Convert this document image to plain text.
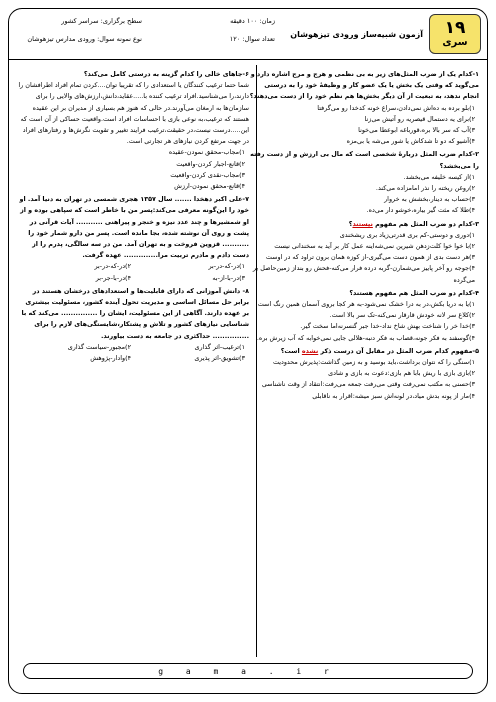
۱۹
سری
آزمون شبیه‌ساز ورودی تیزهوشان
زمان: ۱۰۰ دقیقه
سطح برگزاری: سراسر کشور
تعداد سوال: ۱۲۰
نوع نمونه سوال: ورودی مدارس تیزهوشان
۱-کدام یک از ضرب المثل‌های زیر به بی نظمی و هرج و مرج اشاره دارد و می‌گوید که وقتی یک بخش یا یک عضو کار و وظیفهٔ خود را به درستی انجام ندهد، به تبعیت از آن دیگر بخش‌ها هم نظم خود را از دست می‌دهند؟
۱)بلو برده به ده‌اش نمی‌دادن،سراغ خونه کدخدا رو می‌گرفتا
۲)برای یه دستمال قیصریه رو آتیش می‌زنا
۳)آب که سر بالا بره،قورباغه ابوعطا می‌خونا
۴)آشیو که دو تا شدکاش یا شور می‌شه یا بی‌مزه
۲-کدام ضرب المثل دربارهٔ شخصی است که مال بی ارزش و از دست رفته را می‌بخشد؟
۱)از کیسه خلیفه می‌بخشد.
۲)روغن ریخته را نذر امامزاده می‌کند.
۳)حساب به دینار،بخشش به خروار
۴)طلا که مثت گیر بیاره،خوشو دار می‌ده.
۳-کدام دو ضرب المثل هم مفهوم نیستند؟
۱)دوری و دوستی-کم بری قدرتی‌زیاد بری ریشخندی
۲)با خوا خوا کلت‌زدهن شیرین نمی‌شه‌اینه عمل کار بر آید به سخندانی نیست
۳)هر دست بدی از همون دست می‌گیری-از کوزه همان برون تراود که در اوست
۴)جوجه رو آخر پاییز می‌شمارن-گربه درده فرار می‌کنه-فحش رو بنداز زمین‌حاصل بر می‌گرده
۴-کدام دو ضرب المثل هم مفهوم هستند؟
۱)یا به دریا بکش،در به درا خشک نمی‌شود-به هر کجا بروی آسمان همین رنگ است
۲)کلاغ سر لانه خودش قارقار نمی‌کنه-تک سر بالا است.
۳)خدا خر را شناخت بهش شاخ نداد-خدا جبر گنسرنه‌اما سخت گیر.
۴)گوسفند به فکر جونه،قصاب به فکر دنبه-هلالی جایی نمی‌خوابه که آب زیرش بره.
۵-مفهوم کدام ضرب المثل در مقابل آن درست ذکر نشده است؟
۱)سنگی را که نتوان برداشت،باید بوسید و به زمین گذاشت:پذیرش محدودیت
۲)بازی بازی با ریش بابا هم بازی:دعوت به بازی و شادی
۳)حسنی به مکتب نمی‌رفت وقتی می‌رفت جمعه می‌رفت:انتقاد از وقت ناشناسی
۴)مار از پونه بدش میاد،در لونه‌اش سبز میشه:اقرار به ناقابلی
۶-جاهای خالی را کدام گزینه به درستی کامل می‌کند؟
شما حتما ترغیب کنندگان یا استعدادی را که تقریبا توان....کردن تمام افراد اطرافشان را دارند،را می‌شناسید.افراد ترغیب کننده با.....عقاید،دانش،ارزش‌های والایی را برای سازمان‌ها به ارمغان می‌آورند.در حالی که هنوز هم بسیاری از مدیران بر این عقیده هستند که ترغیب،به نوعی بازی با احساسات افراد است.واقعیت حساکی از آن است که این.....درست نیست،در حقیقت،ترغیب فرایند تغییر و تقویت نگرش‌ها و رفتارهای افراد در جهت مرتفع کردن نیازهای هر تجارتی است.
۱)مجاب-محقق نمودن-عقیده
۲)قانع-اجبار کردن-واقعیت
۳)مجاب-نقدی کردن-واقعیت
۴)قانع-محقق نمودن-ارزش
۷-علی اکبر دهخدا ....... سال ۱۳۵۷ هجری شمسی در تهران به دنیا آمد. او خود را این‌گونه معرفی می‌کند:پسر من با خاطر است که سپاهی بوده و از او شمشیرها و چند عدد نیزه و خنجر و پیراهنی ........... آیات قرآنی در پشت و روی آن نوشته شده، بجا مانده است. پسر من دارو شمار خود را ........... قزوین فروخت و به تهران آمد. من در سه سالگی، پدرم را از دست دادم و مادرم تربیت مرا.............. عهده گرفت.
۱)در-که-در-بر
۲)در-که-در-بر
۳)در-با-از-به
۴)در-با-جر-بر
۸- دانش آموزانی که دارای قابلیت‌ها و استعدادهای درخشان هستند در برابر حل مسائل اساسی و مدیریت تحول آینده کشور، مسئولیت بیشتری بر عهده دارند. آگاهی از این مسئولیت، ایشان را ............... می‌کند که با شناسایی نیازهای کشور و تلاش و پشتکار،شایستگی‌های لازم را برای ............... حداکثری در جامعه به دست بیاورند.
۱)ترغیب-اثر گذاری
۲)مجبور-سیاست گذاری
۳)تشویق-اثر پذیری
۴)وادار-پژوهش
g a m a . i r
